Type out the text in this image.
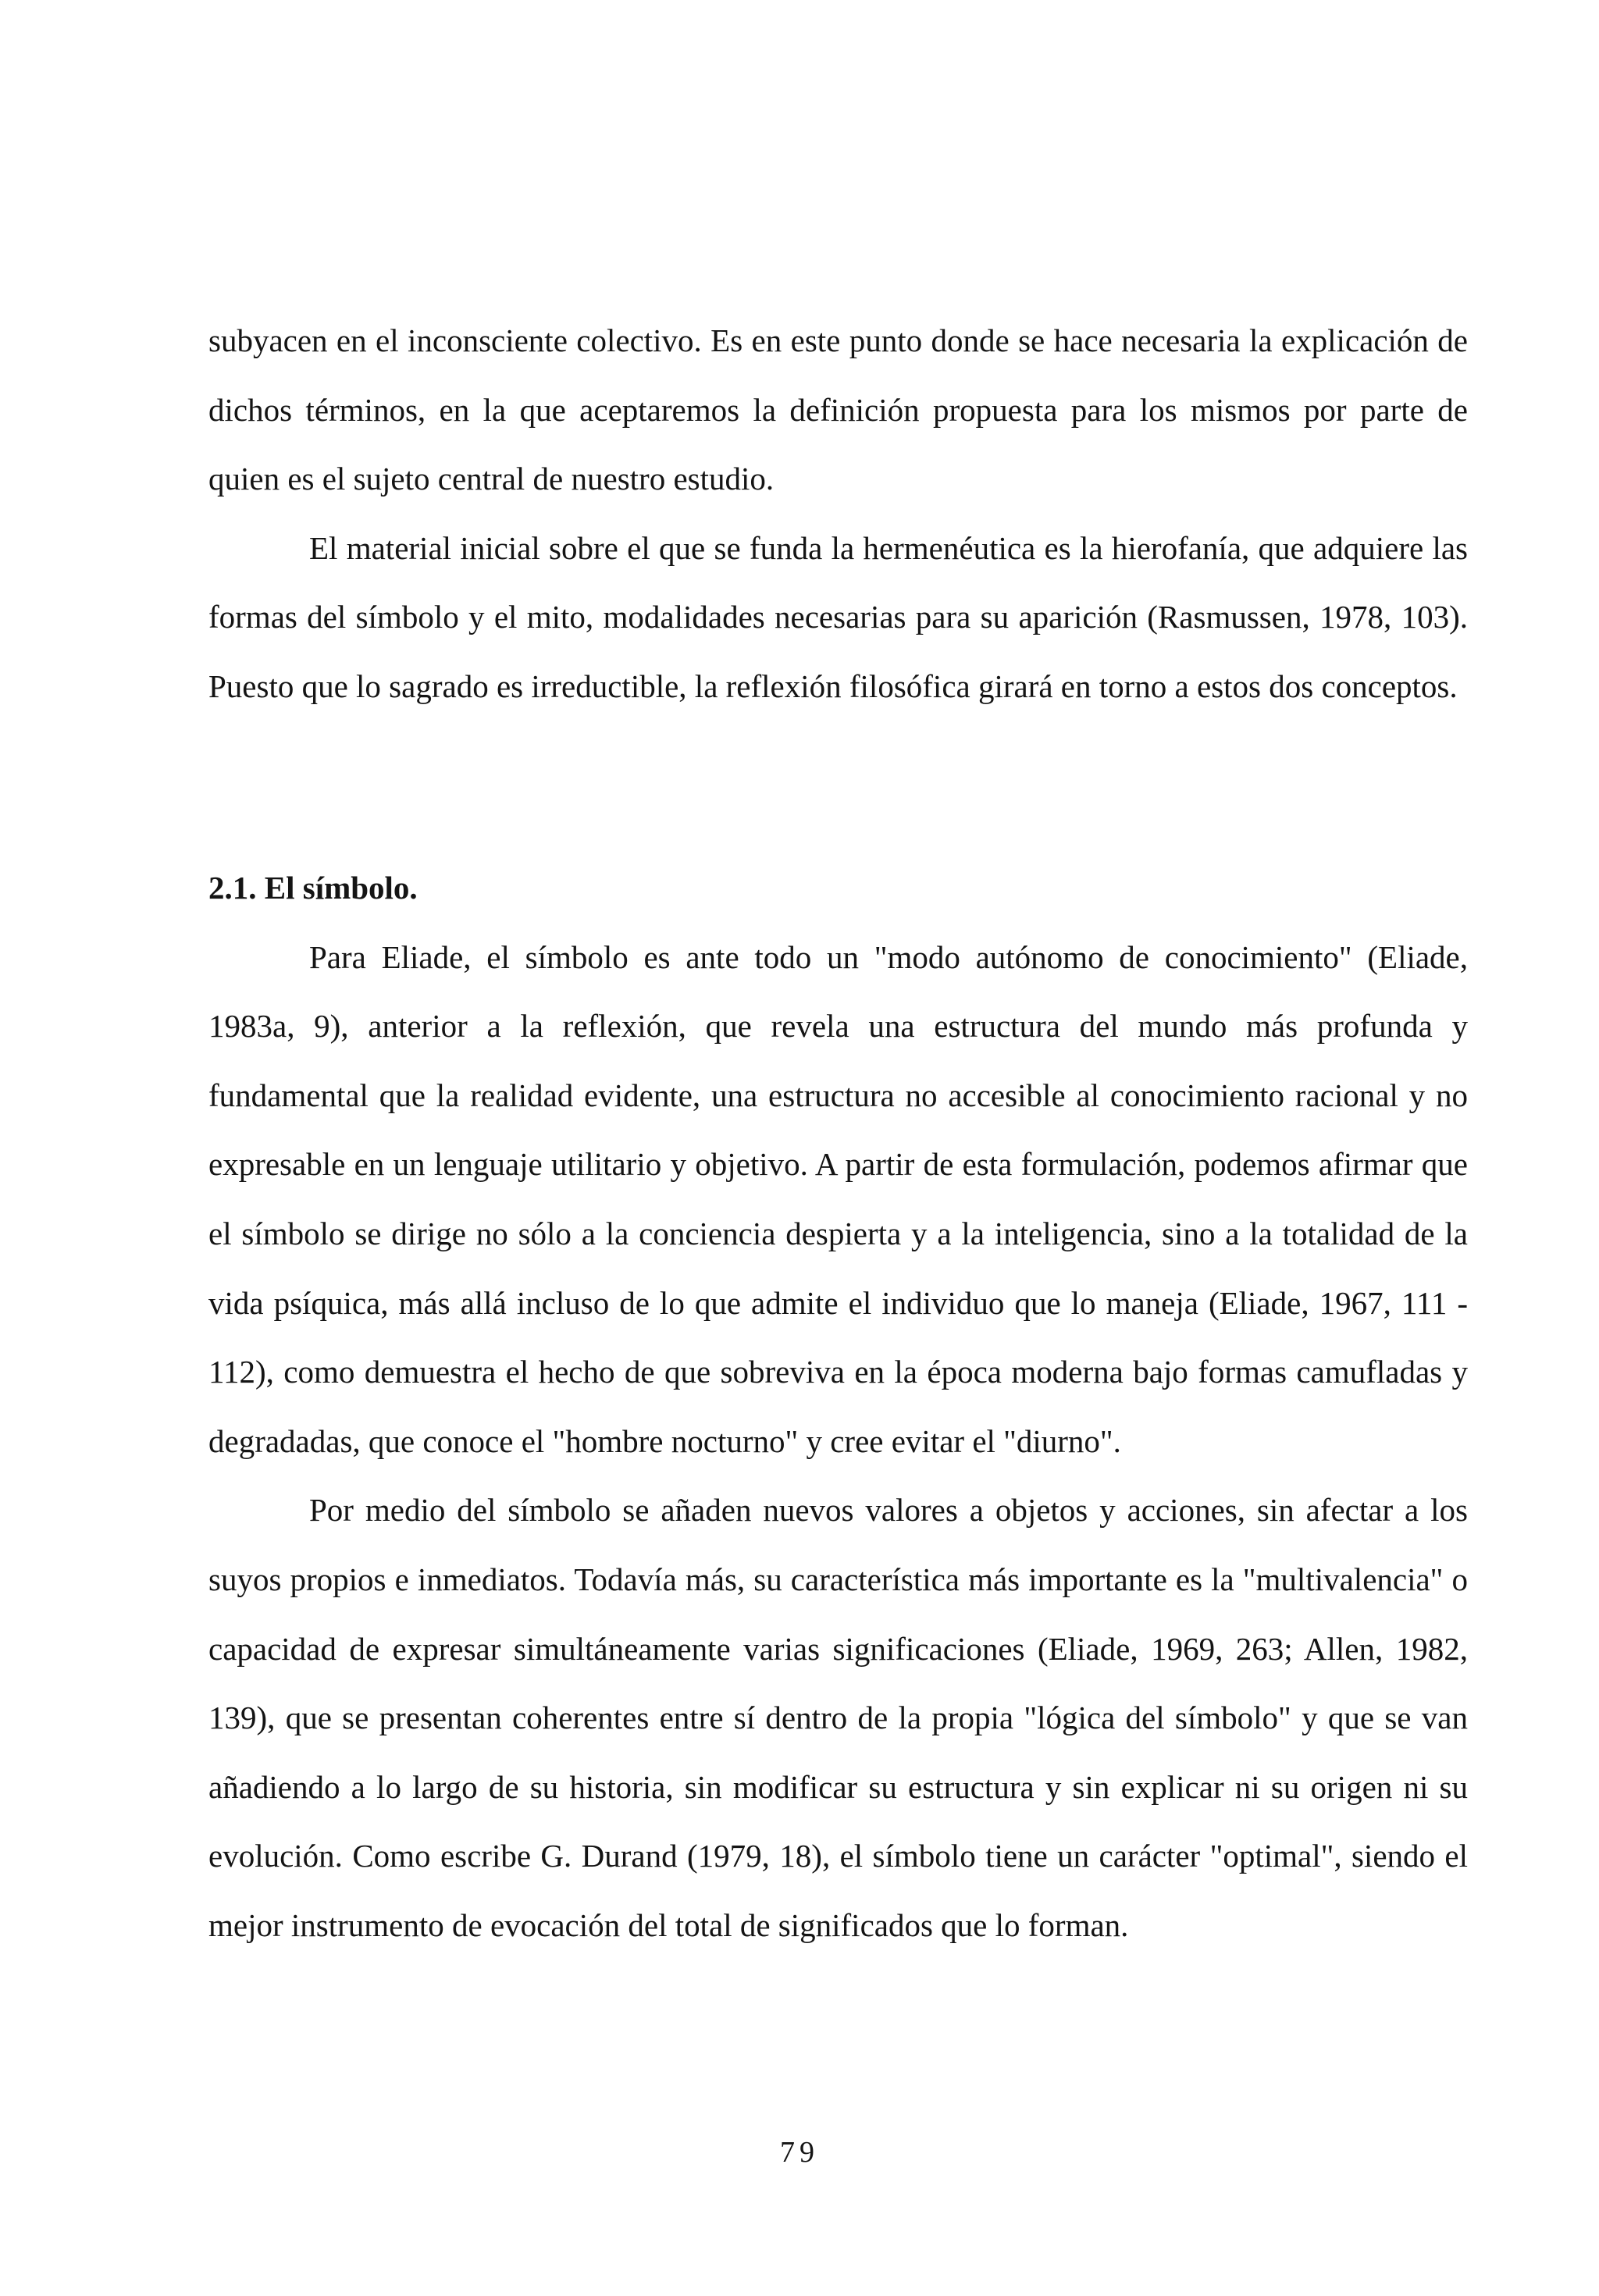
subyacen en el inconsciente colectivo. Es en este punto donde se hace necesaria la explicación de dichos términos, en la que aceptaremos la definición propuesta para los mismos por parte de quien es el sujeto central de nuestro estudio.

El material inicial sobre el que se funda la hermenéutica es la hierofanía, que adquiere las formas del símbolo y el mito, modalidades necesarias para su aparición (Rasmussen, 1978, 103). Puesto que lo sagrado es irreductible, la reflexión filosófica girará en torno a estos dos conceptos.

2.1. El símbolo.

Para Eliade, el símbolo es ante todo un "modo autónomo de conocimiento" (Eliade, 1983a, 9), anterior a la reflexión, que revela una estructura del mundo más profunda y fundamental que la realidad evidente, una estructura no accesible al conocimiento racional y no expresable en un lenguaje utilitario y objetivo. A partir de esta formulación, podemos afirmar que el símbolo se dirige no sólo a la conciencia despierta y a la inteligencia, sino a la totalidad de la vida psíquica, más allá incluso de lo que admite el individuo que lo maneja (Eliade, 1967, 111 - 112), como demuestra el hecho de que sobreviva en la época moderna bajo formas camufladas y degradadas, que conoce el "hombre nocturno" y cree evitar el "diurno".

Por medio del símbolo se añaden nuevos valores a objetos y acciones, sin afectar a los suyos propios e inmediatos. Todavía más, su característica más importante es la "multivalencia" o capacidad de expresar simultáneamente varias significaciones (Eliade, 1969, 263; Allen, 1982, 139), que se presentan coherentes entre sí dentro de la propia "lógica del símbolo" y que se van añadiendo a lo largo de su historia, sin modificar su estructura y sin explicar ni su origen ni su evolución. Como escribe G. Durand (1979, 18), el símbolo tiene un carácter "optimal", siendo el mejor instrumento de evocación del total de significados que lo forman.

79
